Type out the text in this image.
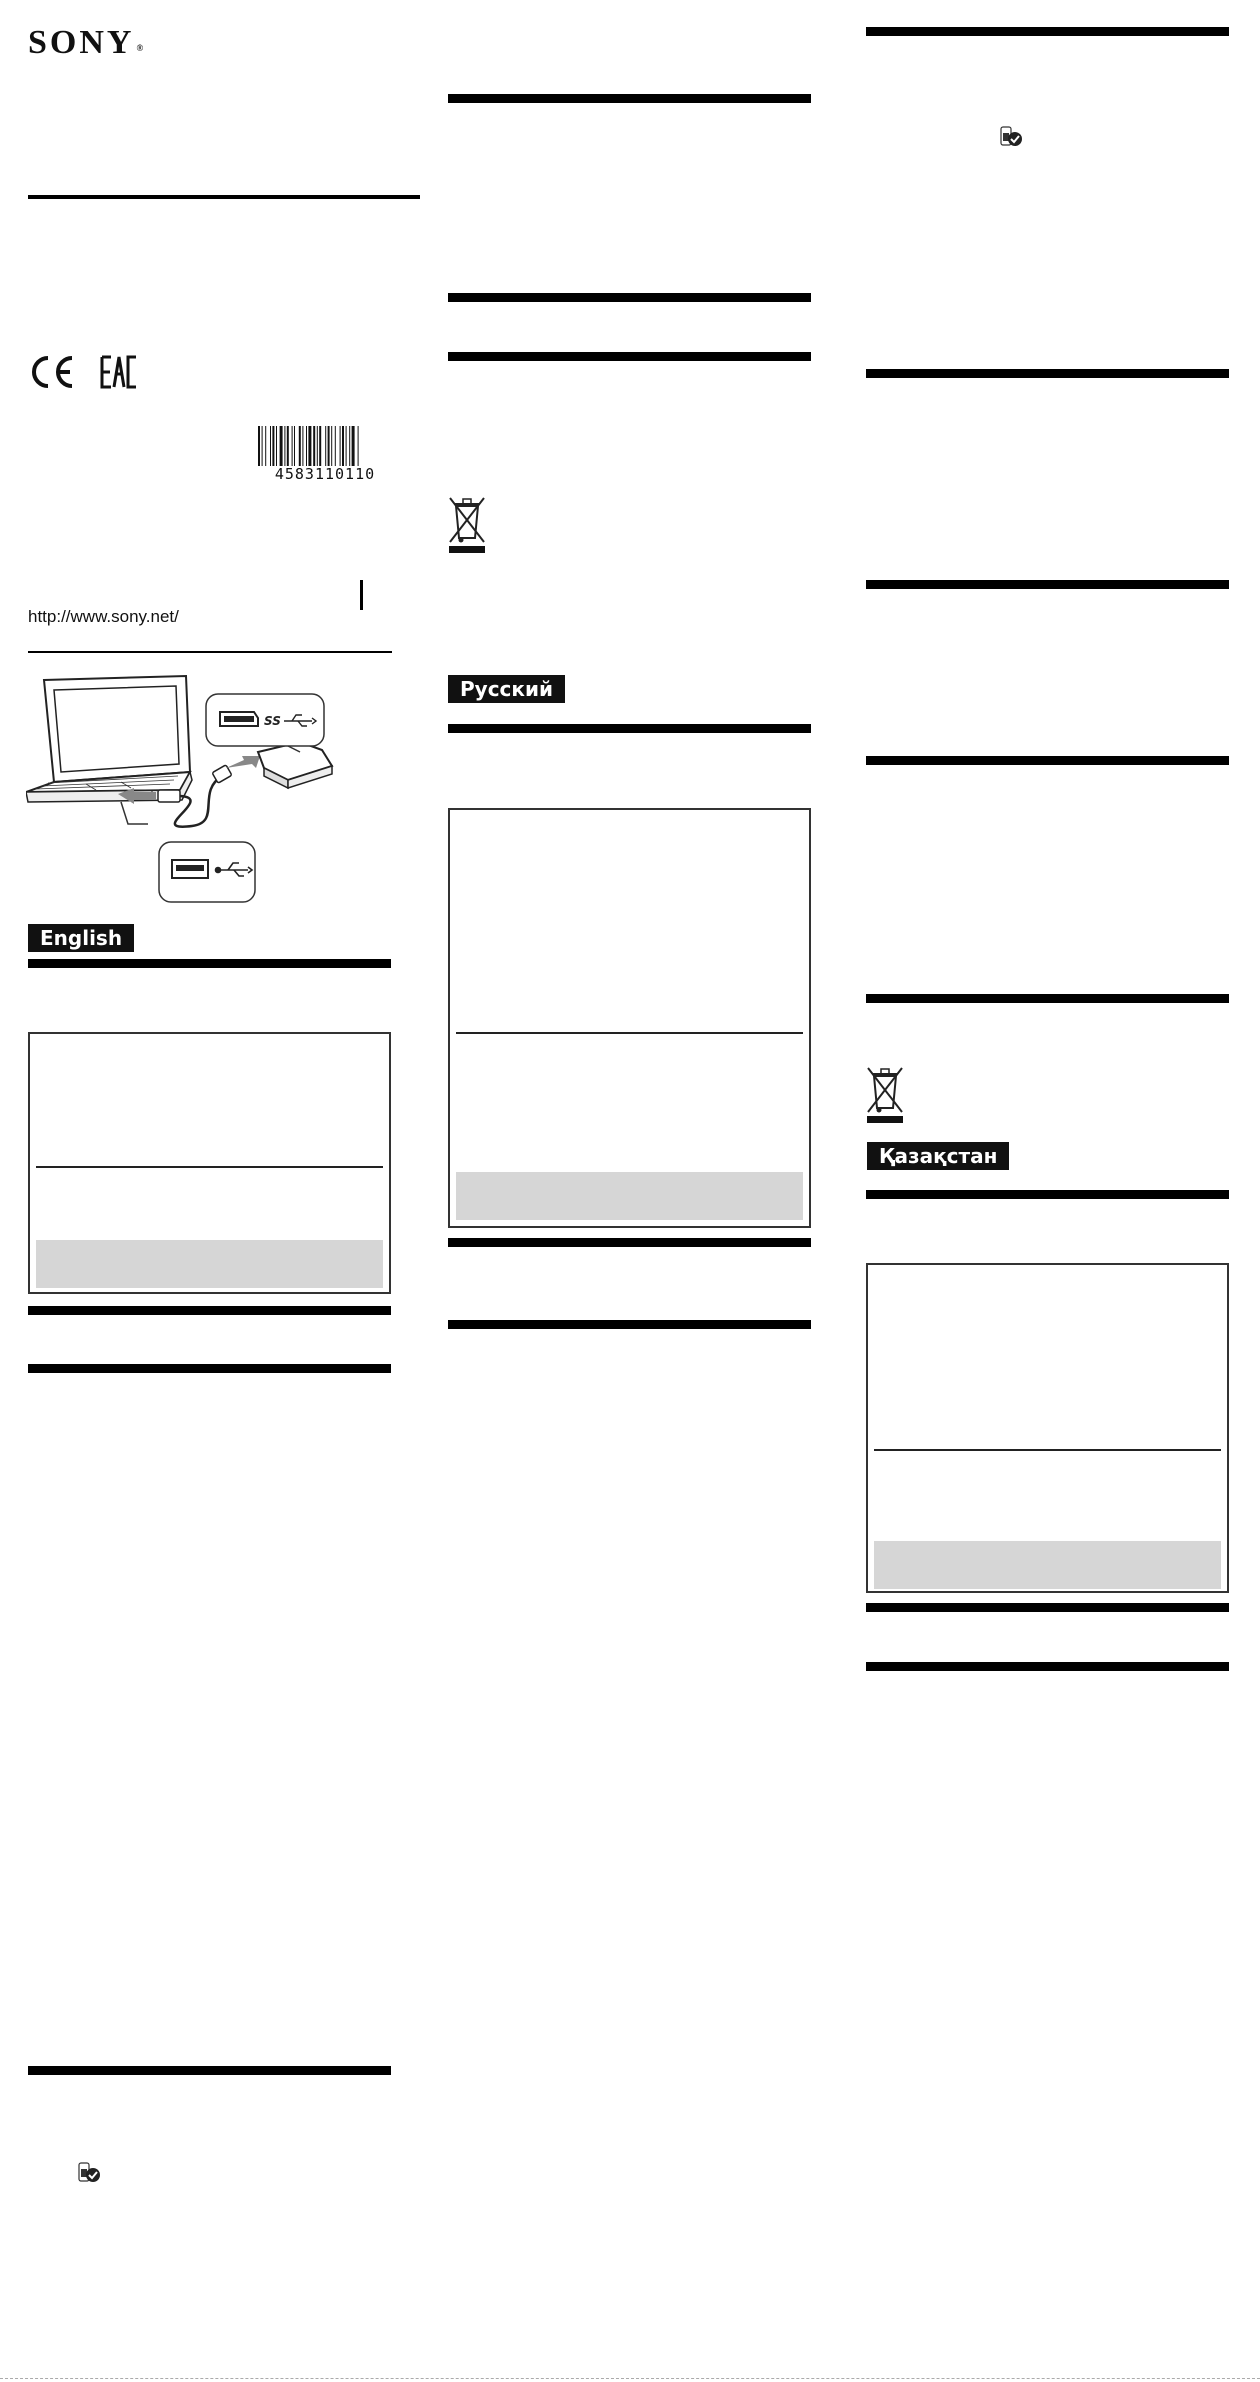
SONY ®
4583110110
http://www.sony.net/
SS
English
Русский
Қазақстан
